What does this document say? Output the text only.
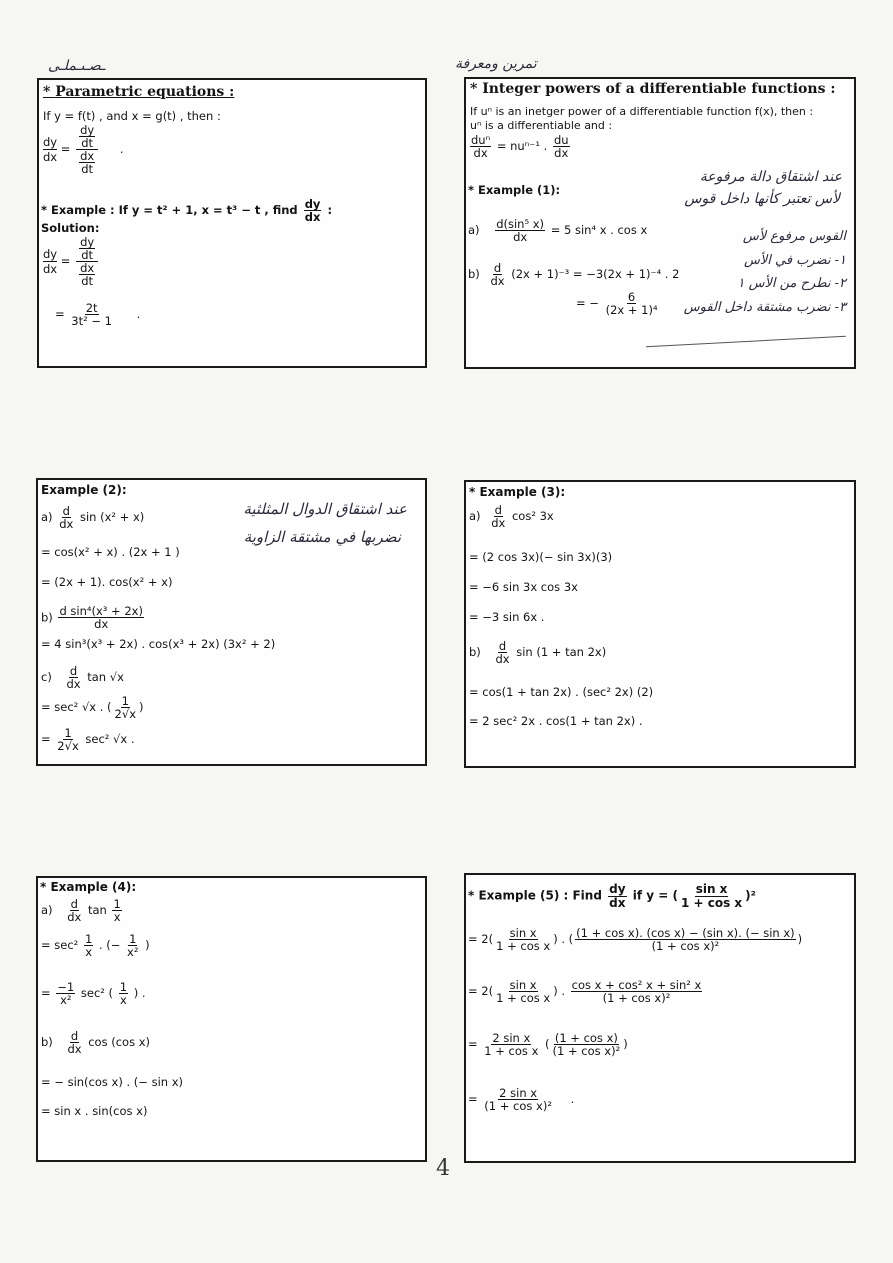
ـصـىـملـى	تمرين ومعرفة
* Parametric equations :
If y = f(t) , and x = g(t) , then :
$\frac{dy}{dx} = \frac{\frac{dy}{dt}}{\frac{dx}{dt}}$ .
* Example : If y = t² + 1, x = t³ − t , find $\frac{dy}{dx}$ :
Solution:
$\frac{dy}{dx} = \frac{\frac{dy}{dt}}{\frac{dx}{dt}}$
= $\frac{2t}{\text{3t² − 1}}$ .
* Integer powers of a differentiable functions :
If uⁿ is an inetger power of a differentiable function f(x), then :
uⁿ is a differentiable and :
$\frac{\text{duⁿ}}{dx} = nu^{n-1}$ . $\frac{du}{dx}$
* Example (1):
$a) \frac{\text{d(sin⁵ x)}}{dx} = 5$ sin⁴ x . cos x
$b) \frac{d}{dx} (2x + 1)^{-3} = -3(2x + 1)^{-4}$ . 2
= − $\frac{6}{\text{(2x + 1)⁴}}$
عند اشتقاق دالة مرفوعة
لأس تعتبر كأنها داخل قوس
القوس مرفوع لأس
١- نضرب في الأس
٢- نطرح من الأس ١
٣- نضرب مشتقة داخل القوس
Example (2):
$a) \frac{d}{dx}$ sin (x² + x)
= cos(x² + x) . (2x + 1 )
= (2x + 1). cos(x² + x)
$b) \frac{\text{d sin⁴(x³ + 2x)}}{dx}$
= 4 sin³(x³ + 2x) . cos(x³ + 2x) (3x² + 2)
$c) \frac{d}{dx}$ tan √x
= sec² √x . ( $\frac{1}{2√x}$ )
= $\frac{1}{2√x} \sec^2$ √x .
عند اشتقاق الدوال المثلثية
نضربها في مشتقة الزاوية
* Example (3):
$a) \frac{d}{dx} \cos^2$ 3x
= (2 cos 3x)(− sin 3x)(3)
= −6 sin 3x cos 3x
= −3 sin 6x .
$b) \frac{d}{dx}$ sin (1 + tan 2x)
= cos(1 + tan 2x) . (sec² 2x) (2)
= 2 sec² 2x . cos(1 + tan 2x) .
* Example (4):
$a) \frac{d}{dx}$ $\tan \frac{1}{x}$
= $\sec^2 \frac{1}{x}$ . (− $\frac{1}{\text{x²}}$ )
= $\frac{-1}{\text{x²}} \sec^2$ ( $\frac{1}{x}$ ) .
$b) \frac{d}{dx}$ cos (cos x)
= − sin(cos x) . (− sin x)
= sin x . sin(cos x)
* Example (5) : Find $\frac{dy}{dx}$ if y = ( $\frac{\text{sin x}}{\text{1 + cos x}} )^2$
= $2( \frac{\text{sin x}}{\text{1 + cos x}}$ ) . ( $\frac{\text{(1 + cos x). (cos x) − (sin x). (− sin x)}}{\text{(1 + cos x)²}}$ )
= $2( \frac{\text{sin x}}{\text{1 + cos x}}$ ) . $\frac{\text{cos x + cos² x + sin² x}}{\text{(1 + cos x)²}}$
= $\frac{\text{2 sin x}}{\text{1 + cos x}}$ ( $\frac{\text{(1 + cos x)}}{\text{(1 + cos x)²}}$ )
= $\frac{\text{2 sin x}}{\text{(1 + cos x)²}}$ .
4
